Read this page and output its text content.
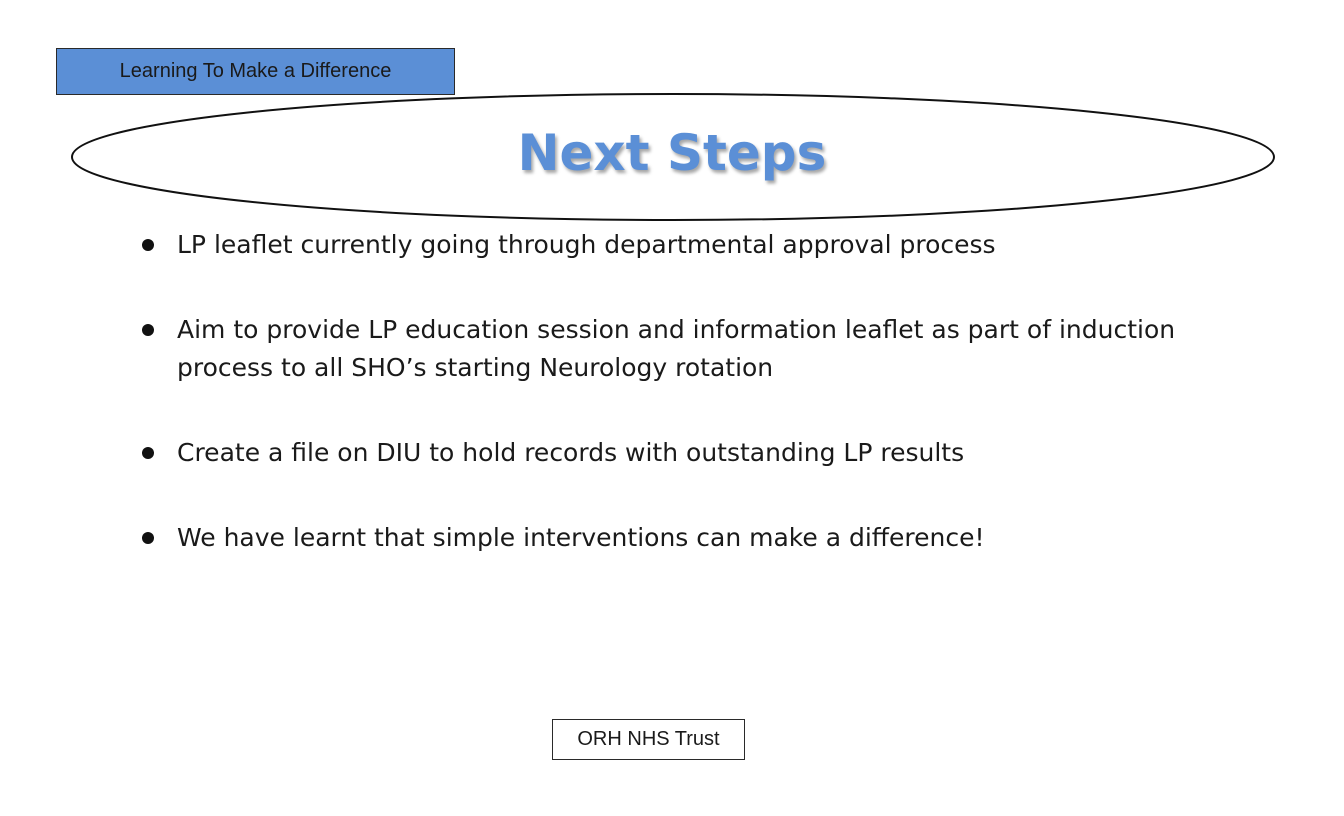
Learning To Make a Difference
Next Steps
LP leaflet currently going through departmental approval process
Aim to provide LP education session and information leaflet as part of induction process to all SHO’s starting Neurology rotation
Create a file on DIU to hold records with outstanding LP results
We have learnt that simple interventions can make a difference!
ORH NHS Trust
